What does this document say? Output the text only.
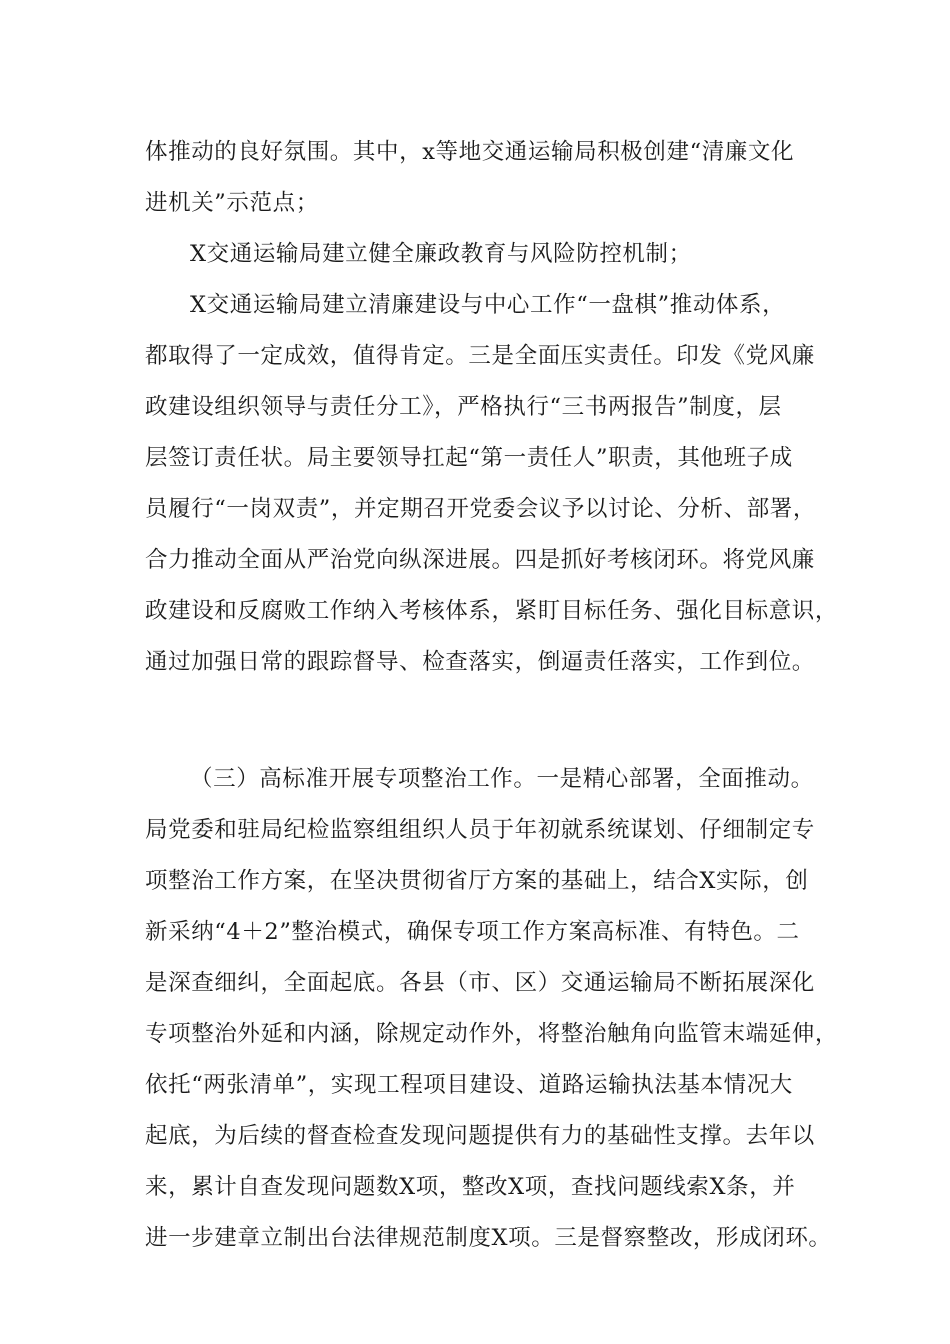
体推动的良好氛围。其中，x等地交通运输局积极创建“清廉文化
进机关”示范点；
X交通运输局建立健全廉政教育与风险防控机制；
X交通运输局建立清廉建设与中心工作“一盘棋”推动体系，
都取得了一定成效，值得肯定。三是全面压实责任。印发《党风廉
政建设组织领导与责任分工》，严格执行“三书两报告”制度，层
层签订责任状。局主要领导扛起“第一责任人”职责，其他班子成
员履行“一岗双责”，并定期召开党委会议予以讨论、分析、部署，
合力推动全面从严治党向纵深进展。四是抓好考核闭环。将党风廉
政建设和反腐败工作纳入考核体系，紧盯目标任务、强化目标意识，
通过加强日常的跟踪督导、检查落实，倒逼责任落实，工作到位。
（三）高标准开展专项整治工作。一是精心部署，全面推动。
局党委和驻局纪检监察组组织人员于年初就系统谋划、仔细制定专
项整治工作方案，在坚决贯彻省厅方案的基础上，结合X实际，创
新采纳“4＋2”整治模式，确保专项工作方案高标准、有特色。二
是深查细纠，全面起底。各县（市、区）交通运输局不断拓展深化
专项整治外延和内涵，除规定动作外，将整治触角向监管末端延伸，
依托“两张清单”，实现工程项目建设、道路运输执法基本情况大
起底，为后续的督查检查发现问题提供有力的基础性支撑。去年以
来，累计自查发现问题数X项，整改X项，查找问题线索X条，并
进一步建章立制出台法律规范制度X项。三是督察整改，形成闭环。
